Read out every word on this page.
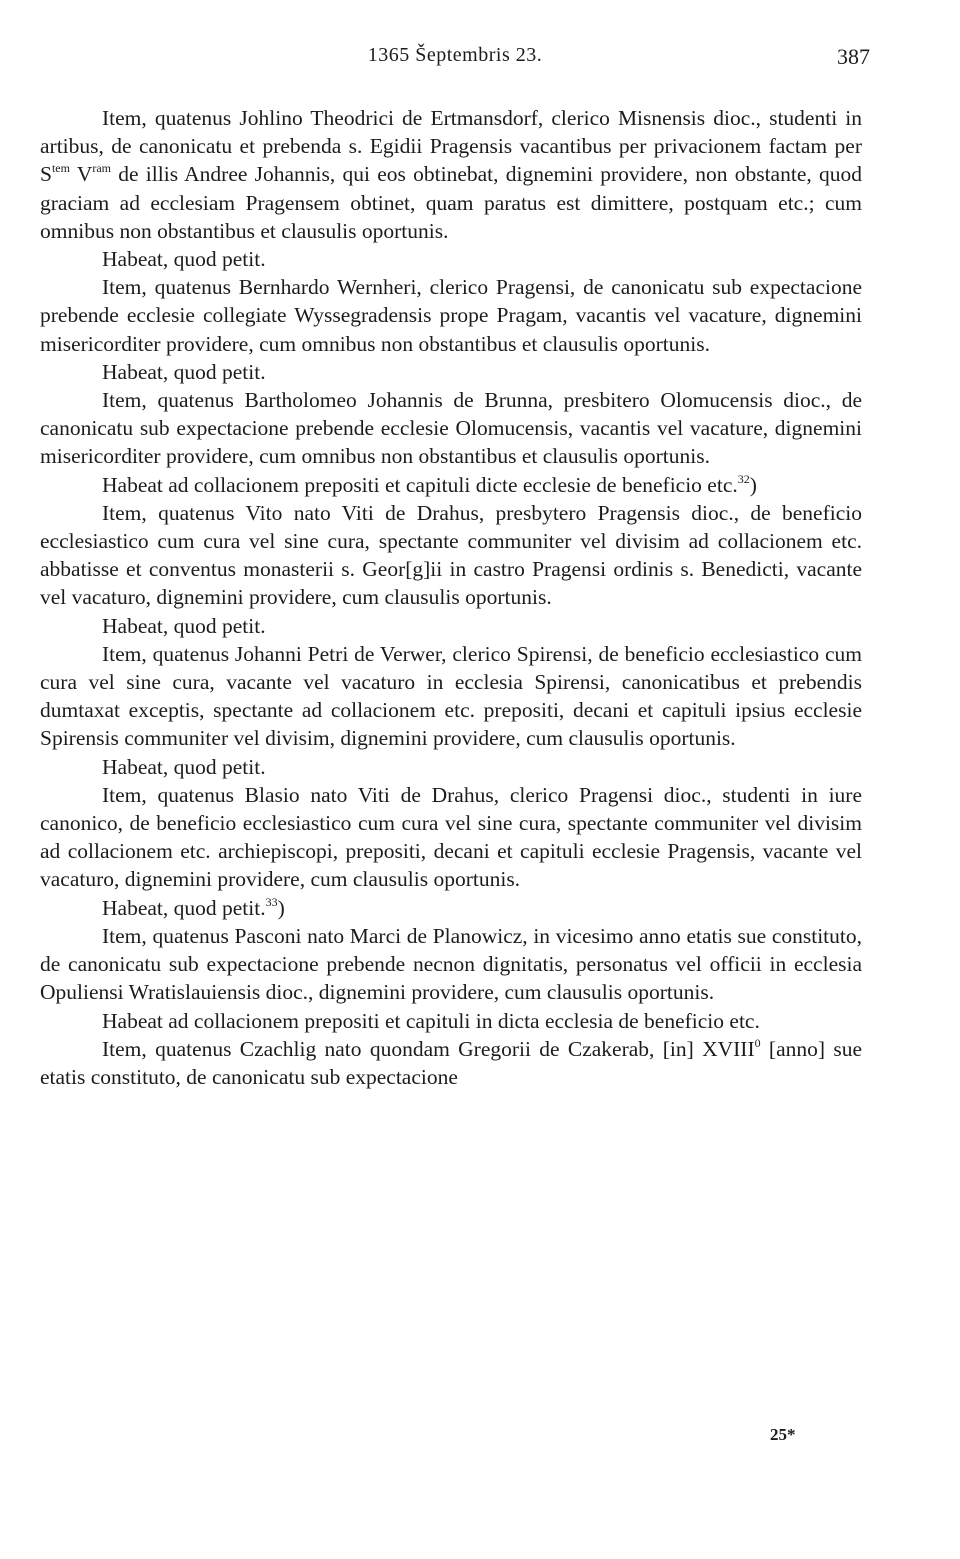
1365 Šeptembris 23.	387

Item, quatenus Johlino Theodrici de Ertmansdorf, clerico Misnensis dioc., studenti in artibus, de canonicatu et prebenda s. Egidii Pragensis vacantibus per privacionem factam per $S^{tem}$ $V^{ram}$ de illis Andree Johannis, qui eos obtinebat, dignemini providere, non obstante, quod graciam ad ecclesiam Pragensem obtinet, quam paratus est dimittere, postquam etc.; cum omnibus non obstantibus et clausulis oportunis.

Habeat, quod petit.

Item, quatenus Bernhardo Wernheri, clerico Pragensi, de canonicatu sub expectacione prebende ecclesie collegiate Wyssegradensis prope Pragam, vacantis vel vacature, dignemini misericorditer providere, cum omnibus non obstantibus et clausulis oportunis.

Habeat, quod petit.

Item, quatenus Bartholomeo Johannis de Brunna, presbitero Olomucensis dioc., de canonicatu sub expectacione prebende ecclesie Olomucensis, vacantis vel vacature, dignemini misericorditer providere, cum omnibus non obstantibus et clausulis oportunis.

Habeat ad collacionem prepositi et capituli dicte ecclesie de beneficio etc.$^{32}$)

Item, quatenus Vito nato Viti de Drahus, presbytero Pragensis dioc., de beneficio ecclesiastico cum cura vel sine cura, spectante communiter vel divisim ad collacionem etc. abbatisse et conventus monasterii s. Geor[g]ii in castro Pragensi ordinis s. Benedicti, vacante vel vacaturo, dignemini providere, cum clausulis oportunis.

Habeat, quod petit.

Item, quatenus Johanni Petri de Verwer, clerico Spirensi, de beneficio ecclesiastico cum cura vel sine cura, vacante vel vacaturo in ecclesia Spirensi, canonicatibus et prebendis dumtaxat exceptis, spectante ad collacionem etc. prepositi, decani et capituli ipsius ecclesie Spirensis communiter vel divisim, dignemini providere, cum clausulis oportunis.

Habeat, quod petit.

Item, quatenus Blasio nato Viti de Drahus, clerico Pragensi dioc., studenti in iure canonico, de beneficio ecclesiastico cum cura vel sine cura, spectante communiter vel divisim ad collacionem etc. archiepiscopi, prepositi, decani et capituli ecclesie Pragensis, vacante vel vacaturo, dignemini providere, cum clausulis oportunis.

Habeat, quod petit.$^{33}$)

Item, quatenus Pasconi nato Marci de Planowicz, in vicesimo anno etatis sue constituto, de canonicatu sub expectacione prebende necnon dignitatis, personatus vel officii in ecclesia Opuliensi Wratislauiensis dioc., dignemini providere, cum clausulis oportunis.

Habeat ad collacionem prepositi et capituli in dicta ecclesia de beneficio etc.

Item, quatenus Czachlig nato quondam Gregorii de Czakerab, [in] XVIII$^0$ [anno] sue etatis constituto, de canonicatu sub expectacione

25*
